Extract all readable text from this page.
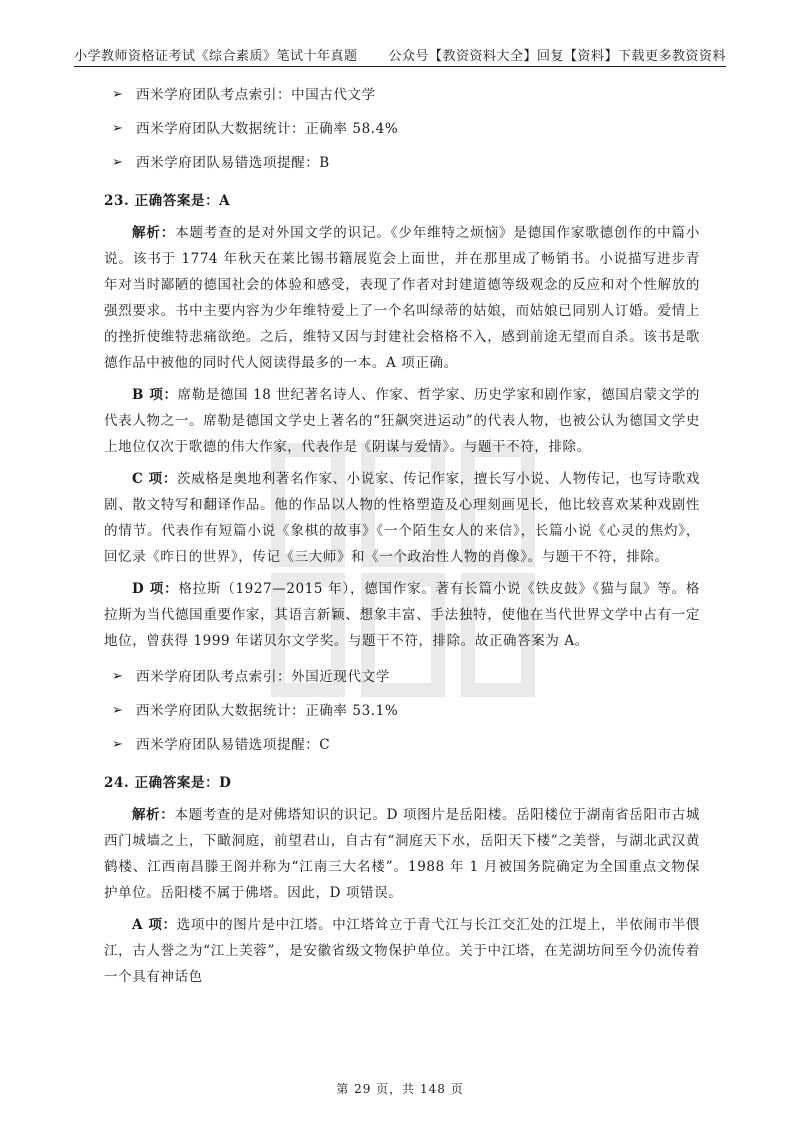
小学教师资格证考试《综合素质》笔试十年真题 公众号【教资资料大全】回复【资料】下载更多教资资料
➢ 西米学府团队考点索引：中国古代文学
➢ 西米学府团队大数据统计：正确率 58.4%
➢ 西米学府团队易错选项提醒：B
23. 正确答案是：A

解析：本题考查的是对外国文学的识记。《少年维特之烦恼》是德国作家歌德创作的中篇小说。该书于 1774 年秋天在莱比锡书籍展览会上面世，并在那里成了畅销书。小说描写进步青年对当时鄙陋的德国社会的体验和感受，表现了作者对封建道德等级观念的反应和对个性解放的强烈要求。书中主要内容为少年维特爱上了一个名叫绿蒂的姑娘，而姑娘已同别人订婚。爱情上的挫折使维特悲痛欲绝。之后，维特又因与封建社会格格不入，感到前途无望而自杀。该书是歌德作品中被他的同时代人阅读得最多的一本。A 项正确。

B 项：席勒是德国 18 世纪著名诗人、作家、哲学家、历史学家和剧作家，德国启蒙文学的代表人物之一。席勒是德国文学史上著名的“狂飙突进运动”的代表人物，也被公认为德国文学史上地位仅次于歌德的伟大作家，代表作是《阴谋与爱情》。与题干不符，排除。

C 项：茨威格是奥地利著名作家、小说家、传记作家，擅长写小说、人物传记，也写诗歌戏剧、散文特写和翻译作品。他的作品以人物的性格塑造及心理刻画见长，他比较喜欢某种戏剧性的情节。代表作有短篇小说《象棋的故事》《一个陌生女人的来信》，长篇小说《心灵的焦灼》，回忆录《昨日的世界》，传记《三大师》和《一个政治性人物的肖像》。与题干不符，排除。

D 项：格拉斯（1927—2015 年），德国作家。著有长篇小说《铁皮鼓》《猫与鼠》等。格拉斯为当代德国重要作家，其语言新颖、想象丰富、手法独特，使他在当代世界文学中占有一定地位，曾获得 1999 年诺贝尔文学奖。与题干不符，排除。故正确答案为 A。

➢ 西米学府团队考点索引：外国近现代文学
➢ 西米学府团队大数据统计：正确率 53.1%
➢ 西米学府团队易错选项提醒：C
24. 正确答案是：D

解析：本题考查的是对佛塔知识的识记。D 项图片是岳阳楼。岳阳楼位于湖南省岳阳市古城西门城墙之上，下瞰洞庭，前望君山，自古有“洞庭天下水，岳阳天下楼”之美誉，与湖北武汉黄鹤楼、江西南昌滕王阁并称为“江南三大名楼”。1988 年 1 月被国务院确定为全国重点文物保护单位。岳阳楼不属于佛塔。因此，D 项错误。

A 项：选项中的图片是中江塔。中江塔耸立于青弋江与长江交汇处的江堤上，半依闹市半偎江，古人誉之为“江上芙蓉”，是安徽省级文物保护单位。关于中江塔，在芜湖坊间至今仍流传着一个具有神话色

第 29 页，共 148 页
